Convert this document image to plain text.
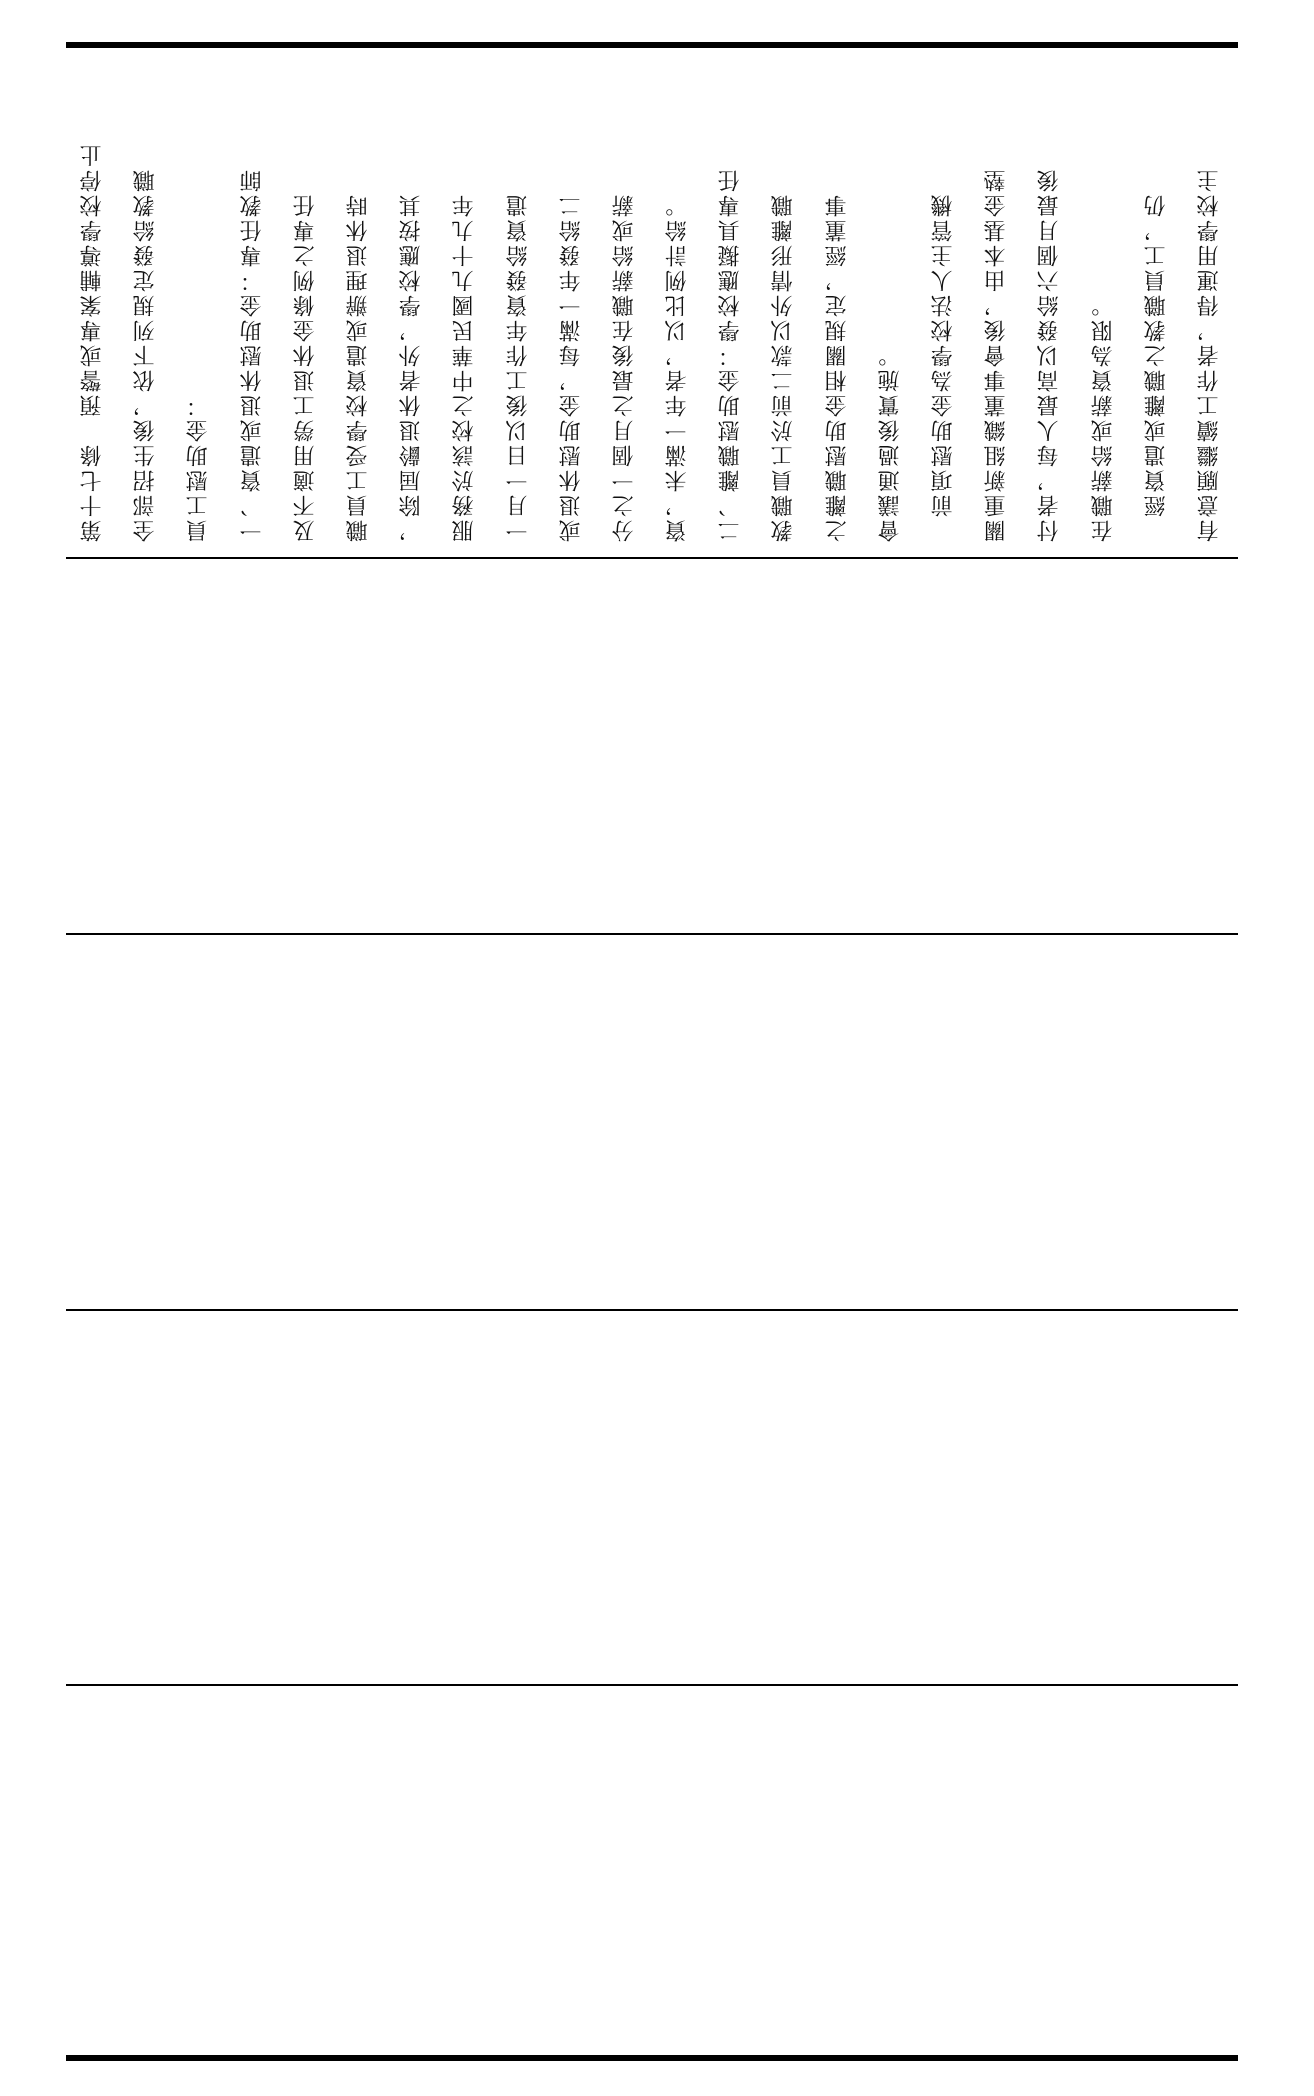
第十七條　預警或專案輔導學校停止	全部招生後，依下列規定發給教職	員工慰助金：	一、資遣或退休慰助金：專任教師	及不適用勞工退休金條例之專任	職員工受學校資遣或辦理退休時	，除屆齡退休者外，學校應按其	服務於該校之中華民國九十九年	一月一日以後工作年資發給資遣	或退休慰助金，每滿一年發給二	分之一個月之最後在職薪給或薪	資，未滿一年者，以比例計給。	二、離職慰助金：學校應擬具專任	教職員工於前二款以外情形離職	之離職慰助金相關規定，經董事	會議通過後實施。	　前項慰助金為學校法人主管機	關重新組織董事會後，由本基金墊	付者，每人最高以發給六個月最後	在職薪給或薪資為限。	　經資遣或離職之教職員工，仍	有意願繼續工作者，得運用學校主
